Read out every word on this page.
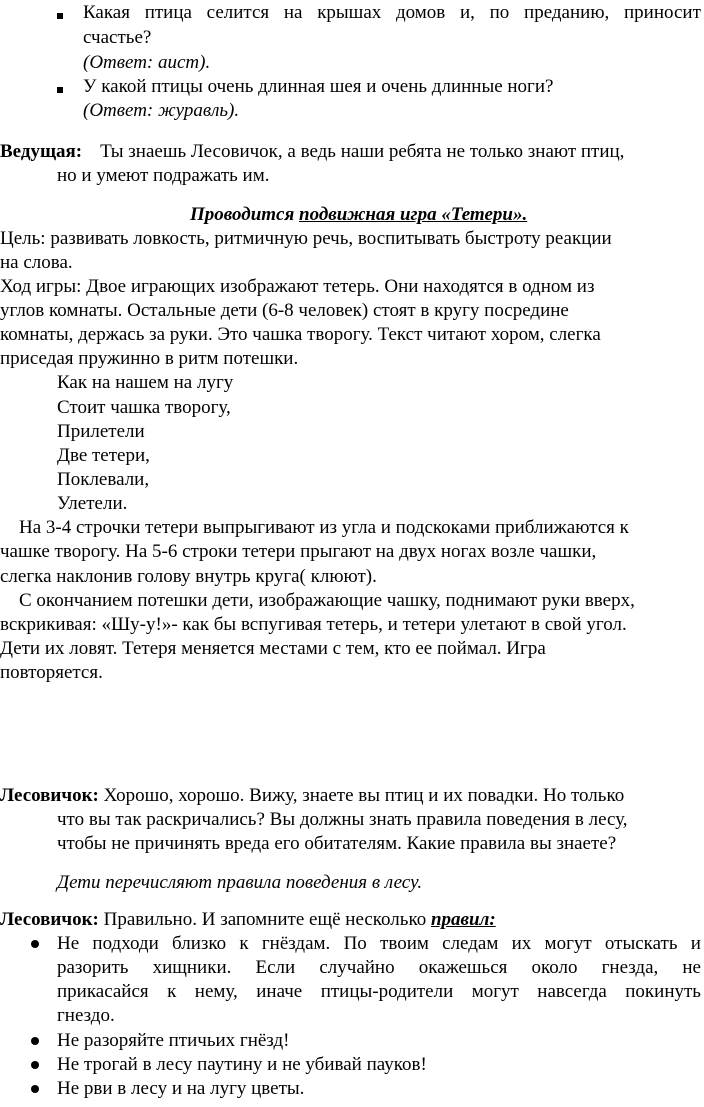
Какая птица селится на крышах домов и, по преданию, приносит
счастье?
(Ответ: аист).
У какой птицы очень длинная шея и очень длинные ноги?
(Ответ: журавль).
Ведущая: Ты знаешь Лесовичок, а ведь наши ребята не только знают птиц,
но и умеют подражать им.
Проводится подвижная игра «Тетери».
Цель: развивать ловкость, ритмичную речь, воспитывать быстроту реакции
на слова.
Ход игры: Двое играющих изображают тетерь. Они находятся в одном из
углов комнаты. Остальные дети (6-8 человек) стоят в кругу посредине
комнаты, держась за руки. Это чашка творогу. Текст читают хором, слегка
приседая пружинно в ритм потешки.
Как на нашем на лугу
Стоит чашка творогу,
Прилетели
Две тетери,
Поклевали,
Улетели.
На 3-4 строчки тетери выпрыгивают из угла и подскоками приближаются к
чашке творогу. На 5-6 строки тетери прыгают на двух ногах возле чашки,
слегка наклонив голову внутрь круга( клюют).
С окончанием потешки дети, изображающие чашку, поднимают руки вверх,
вскрикивая: «Шу-у!»- как бы вспугивая тетерь, и тетери улетают в свой угол.
Дети их ловят. Тетеря меняется местами с тем, кто ее поймал. Игра
повторяется.
Лесовичок: Хорошо, хорошо. Вижу, знаете вы птиц и их повадки. Но только
что вы так раскричались? Вы должны знать правила поведения в лесу,
чтобы не причинять вреда его обитателям. Какие правила вы знаете?
Дети перечисляют правила поведения в лесу.
Лесовичок: Правильно. И запомните ещё несколько правил:
Не подходи близко к гнёздам. По твоим следам их могут отыскать и
разорить хищники. Если случайно окажешься около гнезда, не
прикасайся к нему, иначе птицы-родители могут навсегда покинуть
гнездо.
Не разоряйте птичьих гнёзд!
Не трогай в лесу паутину и не убивай пауков!
Не рви в лесу и на лугу цветы.
